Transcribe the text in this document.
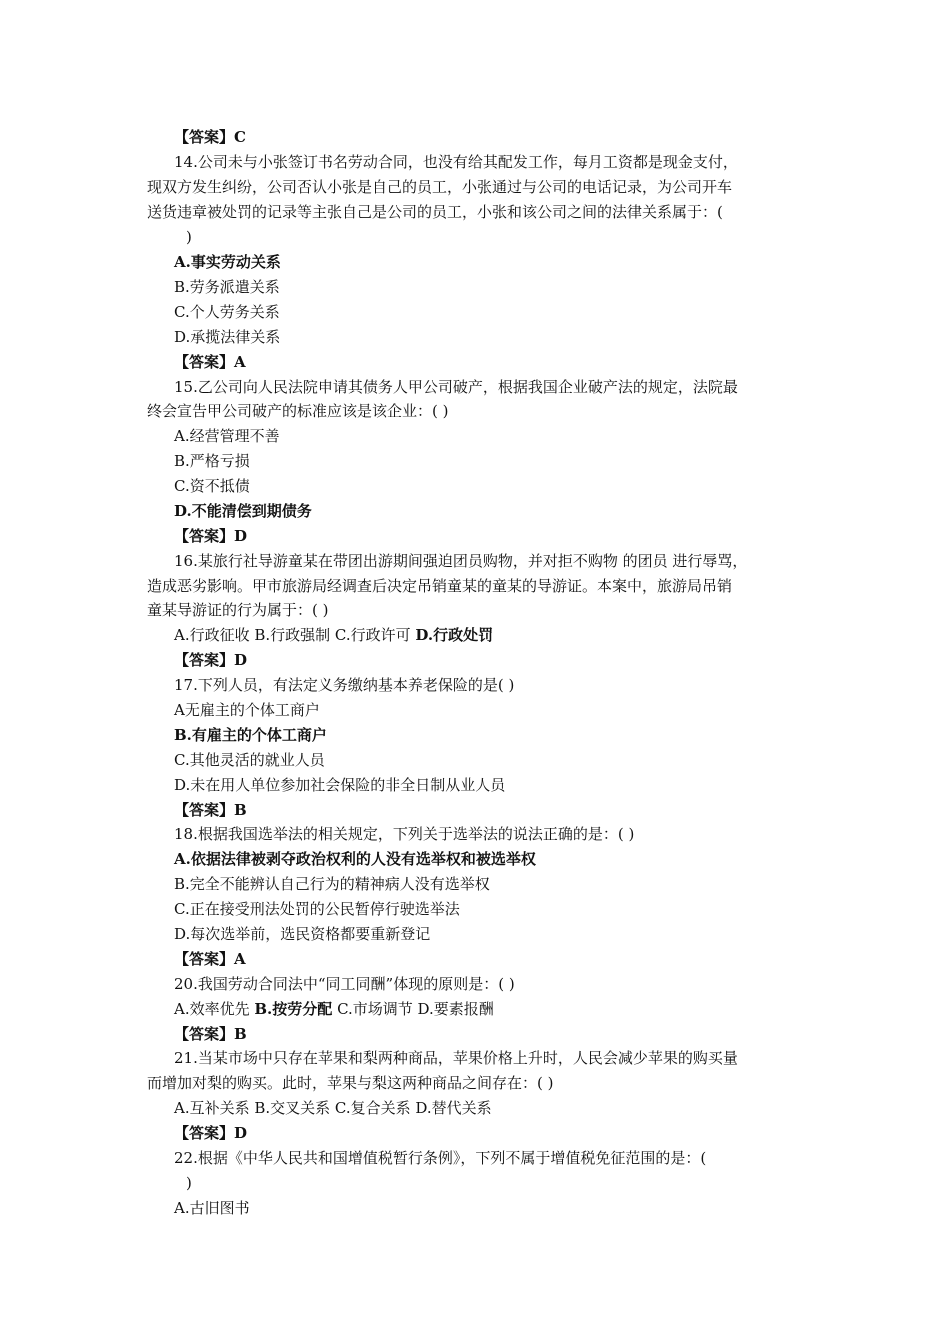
【答案】C
14.公司未与小张签订书名劳动合同，也没有给其配发工作，每月工资都是现金支付，
现双方发生纠纷，公司否认小张是自己的员工，小张通过与公司的电话记录，为公司开车
送货违章被处罚的记录等主张自己是公司的员工，小张和该公司之间的法律关系属于：(
)
A.事实劳动关系
B.劳务派遣关系
C.个人劳务关系
D.承揽法律关系
【答案】A
15.乙公司向人民法院申请其债务人甲公司破产，根据我国企业破产法的规定，法院最
终会宣告甲公司破产的标准应该是该企业：( )
A.经营管理不善
B.严格亏损
C.资不抵债
D.不能清偿到期债务
【答案】D
16.某旅行社导游童某在带团出游期间强迫团员购物，并对拒不购物 的团员 进行辱骂，
造成恶劣影响。甲市旅游局经调查后决定吊销童某的童某的导游证。本案中，旅游局吊销
童某导游证的行为属于：( )
A.行政征收 B.行政强制 C.行政许可 D.行政处罚
【答案】D
17.下列人员，有法定义务缴纳基本养老保险的是( )
A无雇主的个体工商户
B.有雇主的个体工商户
C.其他灵活的就业人员
D.未在用人单位参加社会保险的非全日制从业人员
【答案】B
18.根据我国选举法的相关规定，下列关于选举法的说法正确的是：( )
A.依据法律被剥夺政治权利的人没有选举权和被选举权
B.完全不能辨认自己行为的精神病人没有选举权
C.正在接受刑法处罚的公民暂停行驶选举法
D.每次选举前，选民资格都要重新登记
【答案】A
20.我国劳动合同法中“同工同酬”体现的原则是：( )
A.效率优先 B.按劳分配 C.市场调节 D.要素报酬
【答案】B
21.当某市场中只存在苹果和梨两种商品，苹果价格上升时，人民会减少苹果的购买量
而增加对梨的购买。此时，苹果与梨这两种商品之间存在：( )
A.互补关系 B.交叉关系 C.复合关系 D.替代关系
【答案】D
22.根据《中华人民共和国增值税暂行条例》，下列不属于增值税免征范围的是：(
)
A.古旧图书
